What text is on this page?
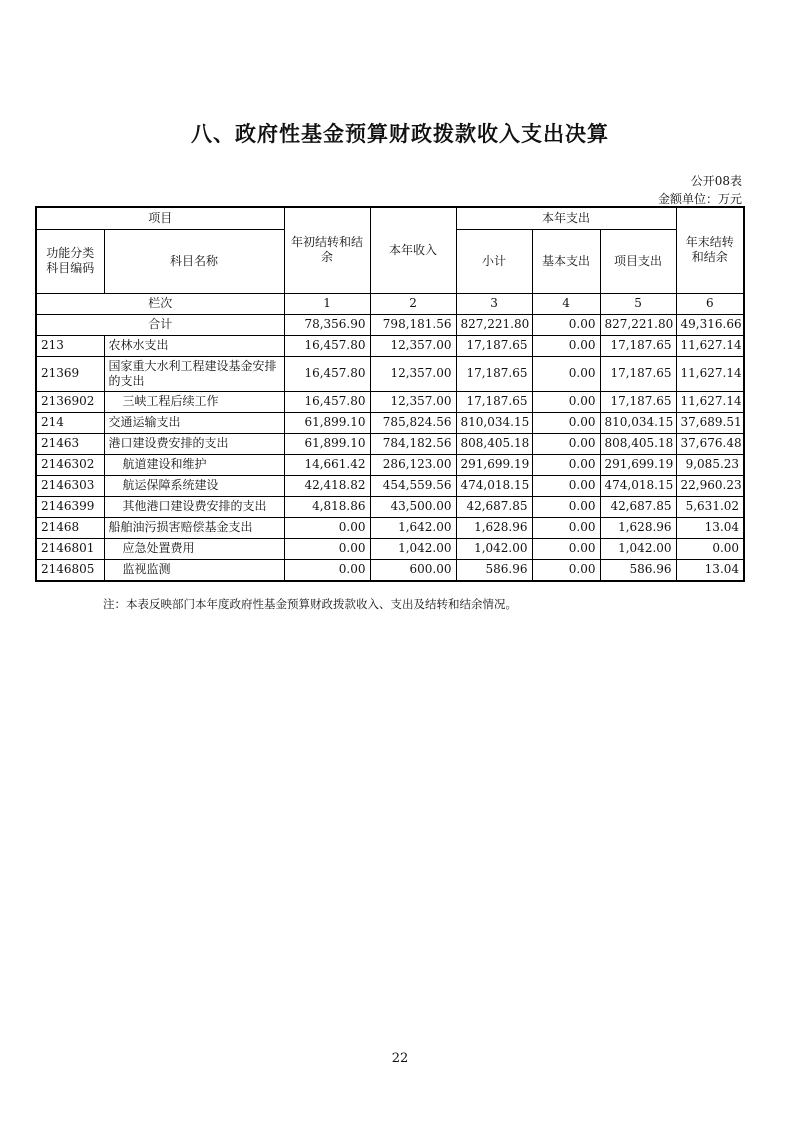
八、政府性基金预算财政拨款收入支出决算
公开08表
金额单位：万元
项目		年初结转和结余	本年收入	本年支出			年末结转和结余
功能分类科目编码	科目名称			小计	基本支出	项目支出	
栏次		1	2	3	4	5	6
合计		78,356.90	798,181.56	827,221.80	0.00	827,221.80	49,316.66
213	农林水支出	16,457.80	12,357.00	17,187.65	0.00	17,187.65	11,627.14
21369	国家重大水利工程建设基金安排的支出	16,457.80	12,357.00	17,187.65	0.00	17,187.65	11,627.14
2136902	三峡工程后续工作	16,457.80	12,357.00	17,187.65	0.00	17,187.65	11,627.14
214	交通运输支出	61,899.10	785,824.56	810,034.15	0.00	810,034.15	37,689.51
21463	港口建设费安排的支出	61,899.10	784,182.56	808,405.18	0.00	808,405.18	37,676.48
2146302	航道建设和维护	14,661.42	286,123.00	291,699.19	0.00	291,699.19	9,085.23
2146303	航运保障系统建设	42,418.82	454,559.56	474,018.15	0.00	474,018.15	22,960.23
2146399	其他港口建设费安排的支出	4,818.86	43,500.00	42,687.85	0.00	42,687.85	5,631.02
21468	船舶油污损害赔偿基金支出	0.00	1,642.00	1,628.96	0.00	1,628.96	13.04
2146801	应急处置费用	0.00	1,042.00	1,042.00	0.00	1,042.00	0.00
2146805	监视监测	0.00	600.00	586.96	0.00	586.96	13.04
注：本表反映部门本年度政府性基金预算财政拨款收入、支出及结转和结余情况。
22
